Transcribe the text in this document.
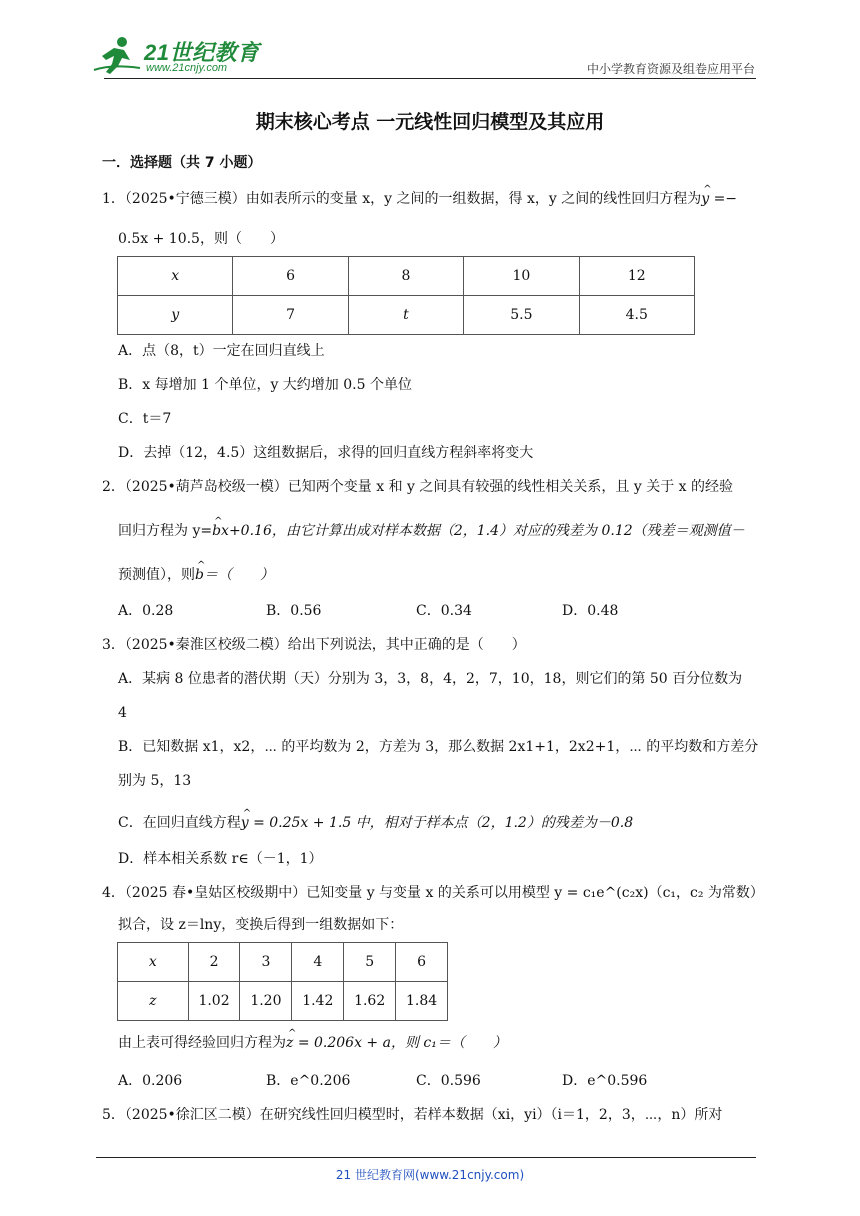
21世纪教育
www.21cnjy.com	中小学教育资源及组卷应用平台
期末核心考点 一元线性回归模型及其应用
一．选择题（共 7 小题）
1．（2025•宁德三模）由如表所示的变量 x，y 之间的一组数据，得 x，y 之间的线性回归方程为^ y =−
0.5x + 10.5，则（　　）
x	6	8	10	12
y	7	t	5.5	4.5
A．点（8，t）一定在回归直线上
B．x 每增加 1 个单位，y 大约增加 0.5 个单位
C．t＝7
D．去掉（12，4.5）这组数据后，求得的回归直线方程斜率将变大
2．（2025•葫芦岛校级一模）已知两个变量 x 和 y 之间具有较强的线性相关关系，且 y 关于 x 的经验
回归方程为 y=^ bx+0.16，由它计算出成对样本数据（2，1.4）对应的残差为 0.12（残差＝观测值－
预测值），则^ b＝（　　）
A．0.28	B．0.56	C．0.34	D．0.48
3．（2025•秦淮区校级二模）给出下列说法，其中正确的是（　　）
A．某病 8 位患者的潜伏期（天）分别为 3，3，8，4，2，7，10，18，则它们的第 50 百分位数为
4
B．已知数据 x1，x2，⋯ 的平均数为 2，方差为 3，那么数据 2x1+1，2x2+1，⋯ 的平均数和方差分
别为 5，13
C．在回归直线方程^ y = 0.25x + 1.5 中，相对于样本点（2，1.2）的残差为－0.8
D．样本相关系数 r∈（－1，1）
4．（2025 春•皇姑区校级期中）已知变量 y 与变量 x 的关系可以用模型 y = c₁e^(c₂x)（c₁，c₂ 为常数）
拟合，设 z＝lny，变换后得到一组数据如下：
x	2	3	4	5	6
z	1.02	1.20	1.42	1.62	1.84
由上表可得经验回归方程为^ z = 0.206x + a，则 c₁＝（　　）
A．0.206	B．e^0.206	C．0.596	D．e^0.596
5．（2025•徐汇区二模）在研究线性回归模型时，若样本数据（xi，yi）（i＝1，2，3，⋯，n）所对
21 世纪教育网(www.21cnjy.com)
